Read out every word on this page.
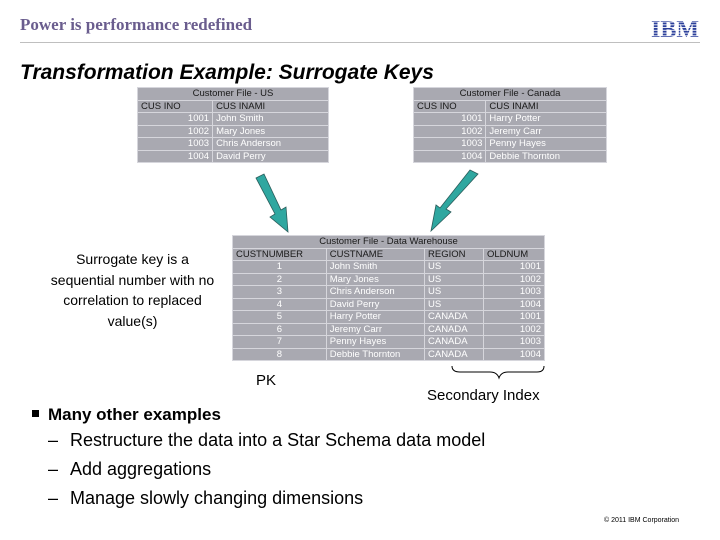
Power is performance redefined	IBM
Transformation Example: Surrogate Keys
Customer File - US	
CUS INO	CUS INAMI
1001	John Smith
1002	Mary Jones
1003	Chris Anderson
1004	David Perry
Customer File - Canada	
CUS INO	CUS INAMI
1001	Harry Potter
1002	Jeremy Carr
1003	Penny Hayes
1004	Debbie Thornton
Customer File - Data Warehouse			
CUSTNUMBER	CUSTNAME	REGION	OLDNUM
1	John Smith	US	1001
2	Mary Jones	US	1002
3	Chris Anderson	US	1003
4	David Perry	US	1004
5	Harry Potter	CANADA	1001
6	Jeremy Carr	CANADA	1002
7	Penny Hayes	CANADA	1003
8	Debbie Thornton	CANADA	1004
Surrogate key is a sequential number with no correlation to replaced value(s)
PK
Secondary Index
Many other examples
– Restructure the data into a Star Schema data model
– Add aggregations
– Manage slowly changing dimensions
© 2011 IBM Corporation
